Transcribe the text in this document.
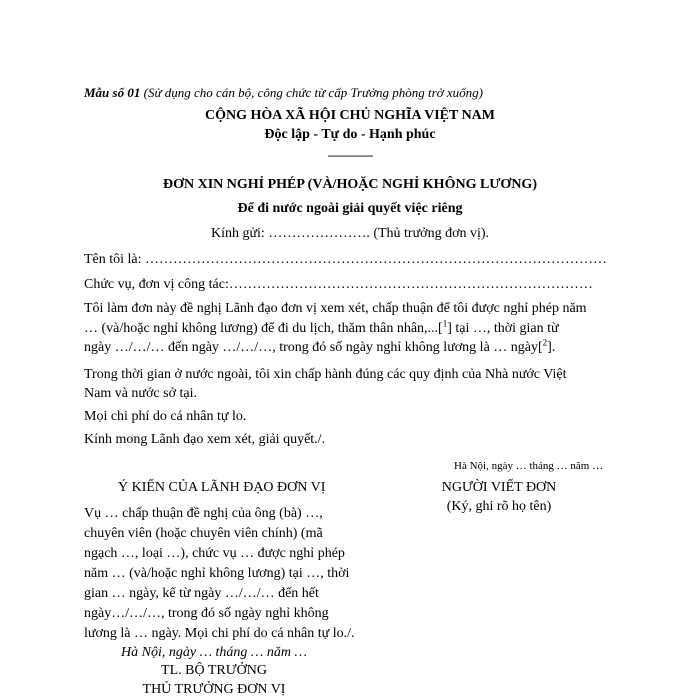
Mẫu số 01 (Sử dụng cho cán bộ, công chức từ cấp Trưởng phòng trở xuống)
CỘNG HÒA XÃ HỘI CHỦ NGHĨA VIỆT NAM
Độc lập - Tự do - Hạnh phúc
---------------
ĐƠN XIN NGHỈ PHÉP (VÀ/HOẶC NGHỈ KHÔNG LƯƠNG)
Để đi nước ngoài giải quyết việc riêng
Kính gửi: …………………. (Thủ trưởng đơn vị).
Tên tôi là: ………………………………………………………………………………………
Chức vụ, đơn vị công tác:……………………………………………………………………
Tôi làm đơn này đề nghị Lãnh đạo đơn vị xem xét, chấp thuận để tôi được nghỉ phép năm
… (và/hoặc nghỉ không lương) để đi du lịch, thăm thân nhân,...[$^1$] tại …, thời gian từ
ngày …/…/… đến ngày …/…/…, trong đó số ngày nghỉ không lương là … ngày[$^2$].
Trong thời gian ở nước ngoài, tôi xin chấp hành đúng các quy định của Nhà nước Việt
Nam và nước sở tại.
Mọi chi phí do cá nhân tự lo.
Kính mong Lãnh đạo xem xét, giải quyết./.
Hà Nội, ngày … tháng … năm …
Ý KIẾN CỦA LÃNH ĐẠO ĐƠN VỊ	NGƯỜI VIẾT ĐƠN
(Ký, ghi rõ họ tên)
Vụ … chấp thuận đề nghị của ông (bà) …,
chuyên viên (hoặc chuyên viên chính) (mã
ngạch …, loại …), chức vụ … được nghỉ phép
năm … (và/hoặc nghỉ không lương) tại …, thời
gian … ngày, kể từ ngày …/…/… đến hết
ngày…/…/…, trong đó số ngày nghỉ không
lương là … ngày. Mọi chi phí do cá nhân tự lo./.
Hà Nội, ngày … tháng … năm …
TL. BỘ TRƯỞNG
THỦ TRƯỞNG ĐƠN VỊ
